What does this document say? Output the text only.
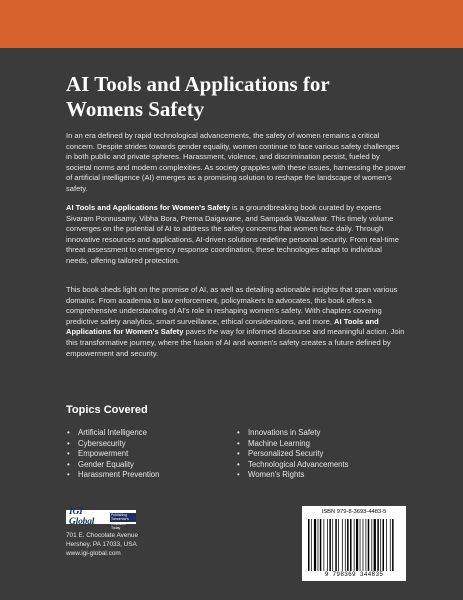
AI Tools and Applications for
Womens Safety

In an era defined by rapid technological advancements, the safety of women remains a critical concern. Despite strides towards gender equality, women continue to face various safety challenges in both public and private spheres. Harassment, violence, and discrimination persist, fueled by societal norms and modern complexities. As society grapples with these issues, harnessing the power of artificial intelligence (AI) emerges as a promising solution to reshape the landscape of women's safety.

AI Tools and Applications for Women's Safety is a groundbreaking book curated by experts Sivaram Ponnusamy, Vibha Bora, Prema Daigavane, and Sampada Wazalwar. This timely volume converges on the potential of AI to address the safety concerns that women face daily. Through innovative resources and applications, AI-driven solutions redefine personal security. From real-time threat assessment to emergency response coordination, these technologies adapt to individual needs, offering tailored protection.

This book sheds light on the promise of AI, as well as detailing actionable insights that span various domains. From academia to law enforcement, policymakers to advocates, this book offers a comprehensive understanding of AI's role in reshaping women's safety. With chapters covering predictive safety analytics, smart surveillance, ethical considerations, and more, AI Tools and Applications for Women's Safety paves the way for informed discourse and meaningful action. Join this transformative journey, where the fusion of AI and women's safety creates a future defined by empowerment and security.

Topics Covered
• Artificial Intelligence
• Cybersecurity
• Empowerment
• Gender Equality
• Harassment Prevention
• Innovations in Safety
• Machine Learning
• Personalized Security
• Technological Advancements
• Women's Rights
IGI Global
Publishing Tomorrow's Research Today
701 E. Chocolate Avenue
Hershey, PA 17033, USA
www.igi-global.com
ISBN 979-8-3693-4483-5
9 798369 344835
